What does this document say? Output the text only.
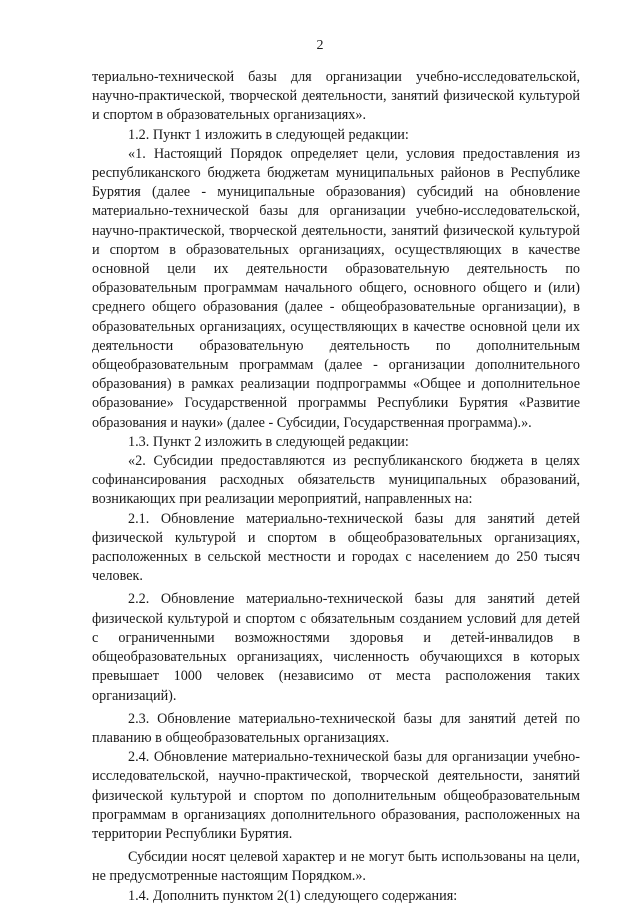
2

териально-технической базы для организации учебно-исследовательской, научно-практической, творческой деятельности, занятий физической культурой и спортом в образовательных организациях».

1.2. Пункт 1 изложить в следующей редакции:

«1. Настоящий Порядок определяет цели, условия предоставления из республиканского бюджета бюджетам муниципальных районов в Республике Бурятия (далее - муниципальные образования) субсидий на обновление материально-технической базы для организации учебно-исследовательской, научно-практической, творческой деятельности, занятий физической культурой и спортом в образовательных организациях, осуществляющих в качестве основной цели их деятельности образовательную деятельность по образовательным программам начального общего, основного общего и (или) среднего общего образования (далее - общеобразовательные организации), в образовательных организациях, осуществляющих в качестве основной цели их деятельности образовательную деятельность по дополнительным общеобразовательным программам (далее - организации дополнительного образования) в рамках реализации подпрограммы «Общее и дополнительное образование» Государственной программы Республики Бурятия «Развитие образования и науки» (далее - Субсидии, Государственная программа).».

1.3. Пункт 2 изложить в следующей редакции:

«2. Субсидии предоставляются из республиканского бюджета в целях софинансирования расходных обязательств муниципальных образований, возникающих при реализации мероприятий, направленных на:

2.1. Обновление материально-технической базы для занятий детей физической культурой и спортом в общеобразовательных организациях, расположенных в сельской местности и городах с населением до 250 тысяч человек.

2.2. Обновление материально-технической базы для занятий детей физической культурой и спортом с обязательным созданием условий для детей с ограниченными возможностями здоровья и детей-инвалидов в общеобразовательных организациях, численность обучающихся в которых превышает 1000 человек (независимо от места расположения таких организаций).

2.3. Обновление материально-технической базы для занятий детей по плаванию в общеобразовательных организациях.

2.4. Обновление материально-технической базы для организации учебно-исследовательской, научно-практической, творческой деятельности, занятий физической культурой и спортом по дополнительным общеобразовательным программам в организациях дополнительного образования, расположенных на территории Республики Бурятия.

Субсидии носят целевой характер и не могут быть использованы на цели, не предусмотренные настоящим Порядком.».

1.4. Дополнить пунктом 2(1) следующего содержания:
